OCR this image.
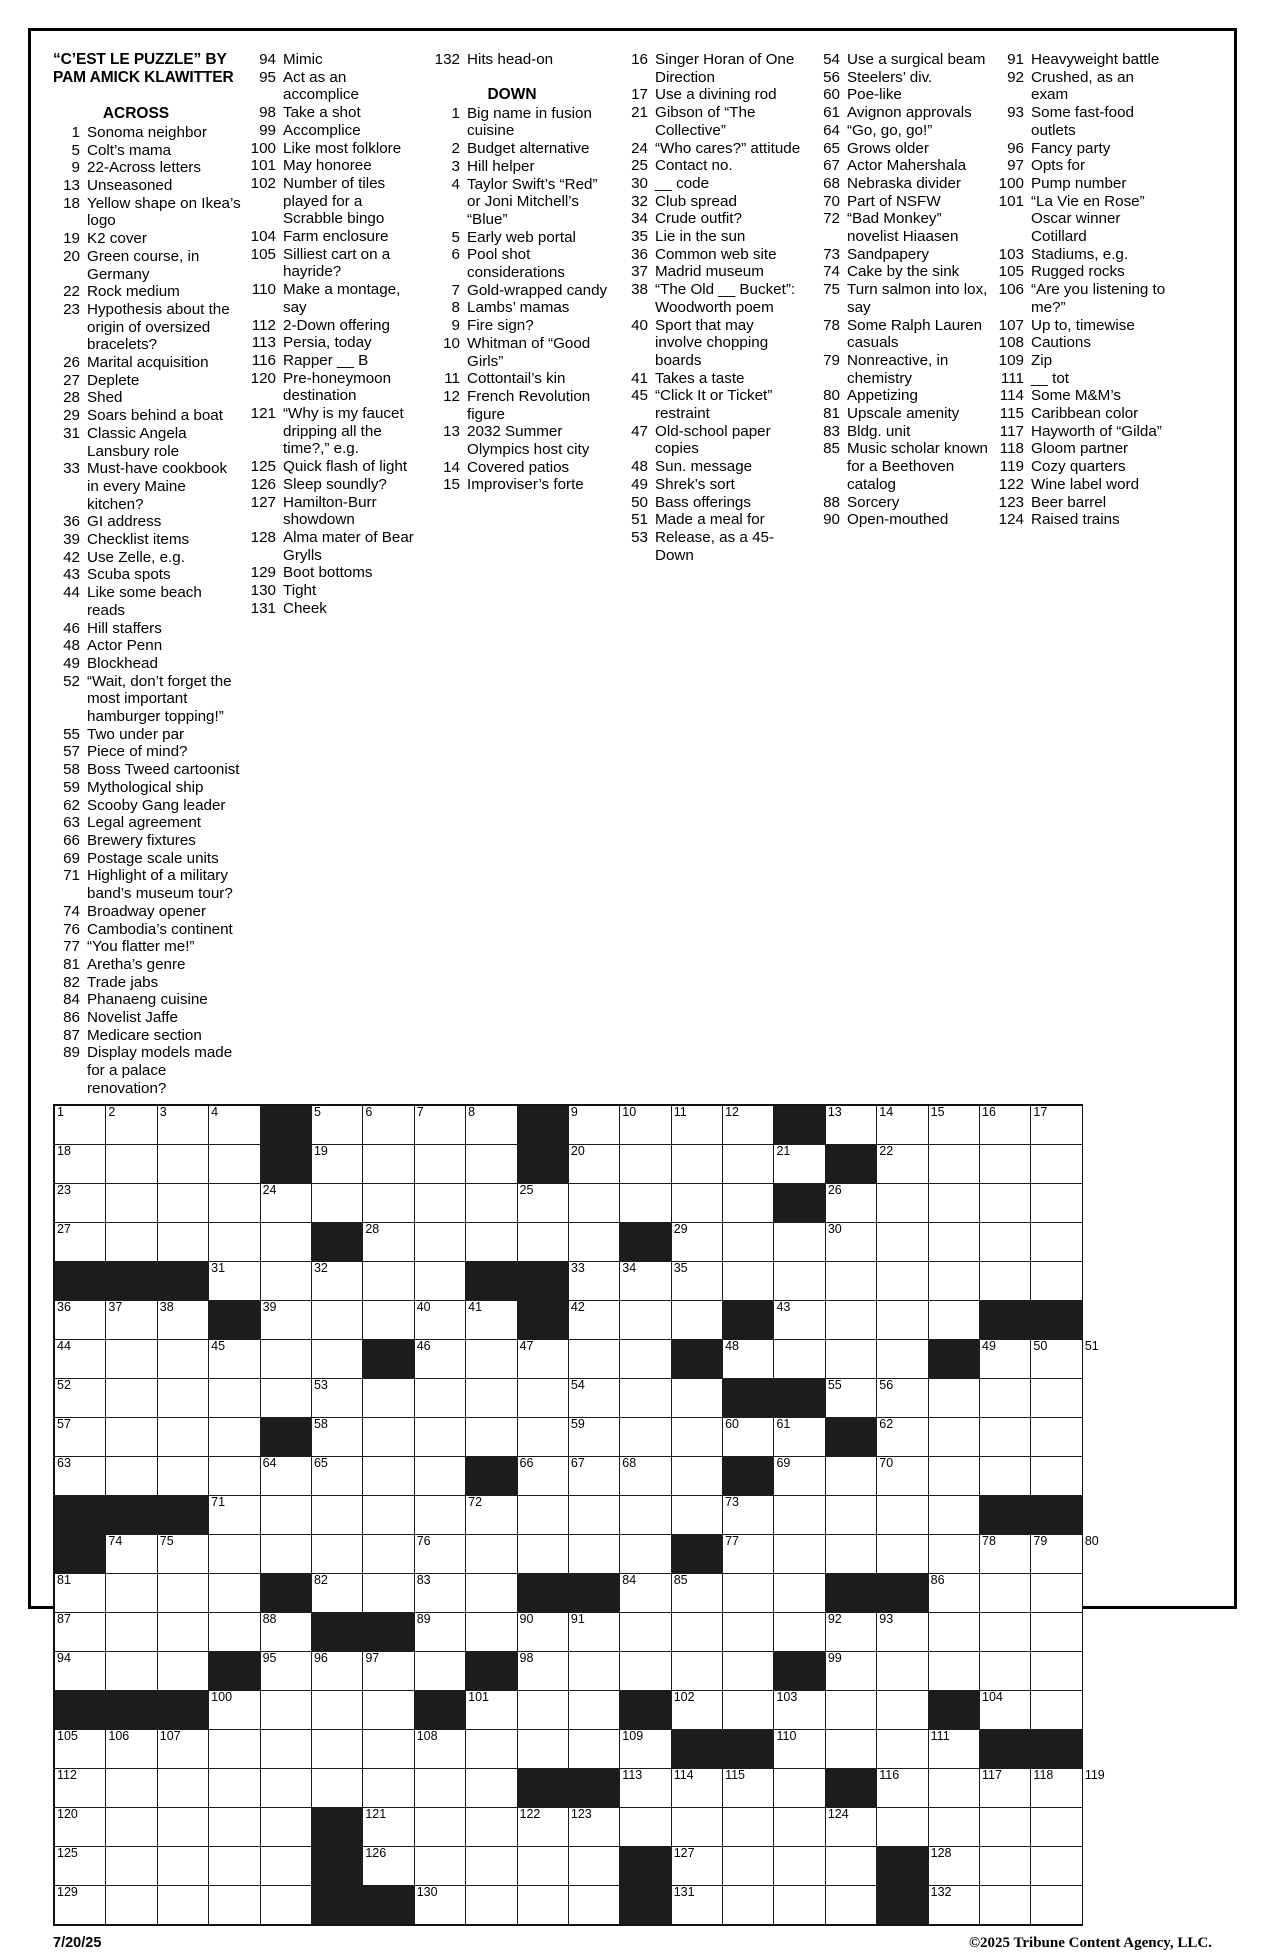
“C’EST LE PUZZLE” BY PAM AMICK KLAWITTER
ACROSS
1 Sonoma neighbor
5 Colt’s mama
9 22-Across letters
13 Unseasoned
18 Yellow shape on Ikea’s logo
19 K2 cover
20 Green course, in Germany
22 Rock medium
23 Hypothesis about the origin of oversized bracelets?
26 Marital acquisition
27 Deplete
28 Shed
29 Soars behind a boat
31 Classic Angela Lansbury role
33 Must-have cookbook in every Maine kitchen?
36 GI address
39 Checklist items
42 Use Zelle, e.g.
43 Scuba spots
44 Like some beach reads
46 Hill staffers
48 Actor Penn
49 Blockhead
52 “Wait, don’t forget the most important hamburger topping!”
55 Two under par
57 Piece of mind?
58 Boss Tweed cartoonist
59 Mythological ship
62 Scooby Gang leader
63 Legal agreement
66 Brewery fixtures
69 Postage scale units
71 Highlight of a military band’s museum tour?
74 Broadway opener
76 Cambodia’s continent
77 “You flatter me!”
81 Aretha’s genre
82 Trade jabs
84 Phanaeng cuisine
86 Novelist Jaffe
87 Medicare section
89 Display models made for a palace renovation?
94 Mimic
95 Act as an accomplice
98 Take a shot
99 Accomplice
100 Like most folklore
101 May honoree
102 Number of tiles played for a Scrabble bingo
104 Farm enclosure
105 Silliest cart on a hayride?
110 Make a montage, say
112 2-Down offering
113 Persia, today
116 Rapper __ B
120 Pre-honeymoon destination
121 “Why is my faucet dripping all the time?,” e.g.
125 Quick flash of light
126 Sleep soundly?
127 Hamilton-Burr showdown
128 Alma mater of Bear Grylls
129 Boot bottoms
130 Tight
131 Cheek
132 Hits head-on
DOWN
1 Big name in fusion cuisine
2 Budget alternative
3 Hill helper
4 Taylor Swift’s “Red” or Joni Mitchell’s “Blue”
5 Early web portal
6 Pool shot considerations
7 Gold-wrapped candy
8 Lambs’ mamas
9 Fire sign?
10 Whitman of “Good Girls”
11 Cottontail’s kin
12 French Revolution figure
13 2032 Summer Olympics host city
14 Covered patios
15 Improviser’s forte
16 Singer Horan of One Direction
17 Use a divining rod
21 Gibson of “The Collective”
24 “Who cares?” attitude
25 Contact no.
30 __ code
32 Club spread
34 Crude outfit?
35 Lie in the sun
36 Common web site
37 Madrid museum
38 “The Old __ Bucket”: Woodworth poem
40 Sport that may involve chopping boards
41 Takes a taste
45 “Click It or Ticket” restraint
47 Old-school paper copies
48 Sun. message
49 Shrek’s sort
50 Bass offerings
51 Made a meal for
53 Release, as a 45-Down
54 Use a surgical beam
56 Steelers’ div.
60 Poe-like
61 Avignon approvals
64 “Go, go, go!”
65 Grows older
67 Actor Mahershala
68 Nebraska divider
70 Part of NSFW
72 “Bad Monkey” novelist Hiaasen
73 Sandpapery
74 Cake by the sink
75 Turn salmon into lox, say
78 Some Ralph Lauren casuals
79 Nonreactive, in chemistry
80 Appetizing
81 Upscale amenity
83 Bldg. unit
85 Music scholar known for a Beethoven catalog
88 Sorcery
90 Open-mouthed
91 Heavyweight battle
92 Crushed, as an exam
93 Some fast-food outlets
96 Fancy party
97 Opts for
100 Pump number
101 “La Vie en Rose” Oscar winner Cotillard
103 Stadiums, e.g.
105 Rugged rocks
106 “Are you listening to me?”
107 Up to, timewise
108 Cautions
109 Zip
111 __ tot
114 Some M&M’s
115 Caribbean color
117 Hayworth of “Gilda”
118 Gloom partner
119 Cozy quarters
122 Wine label word
123 Beer barrel
124 Raised trains
1	2	3	4		5	6	7	8		9	10	11	12		13	14	15	16	17	

18					19					20				21		22				

23				24					25						26					

27						28						29			30					

			31		32					33	34	35								

36	37	38		39			40	41		42				43						

44			45				46		47				48					49	50	51

52					53					54					55	56				

57					58					59			60	61		62				

63				64	65				66	67	68			69		70				

			71					72					73							

	74	75					76						77					78	79	80

81					82		83				84	85					86			

87				88			89		90	91					92	93				

94				95	96	97			98						99					

			100					101				102		103				104		

105	106	107					108				109			110			111			

112											113	114	115			116		117	118	119

120						121			122	123					124					

125						126						127					128			

129							130					131					132			

7/20/25	©2025 Tribune Content Agency, LLC.
